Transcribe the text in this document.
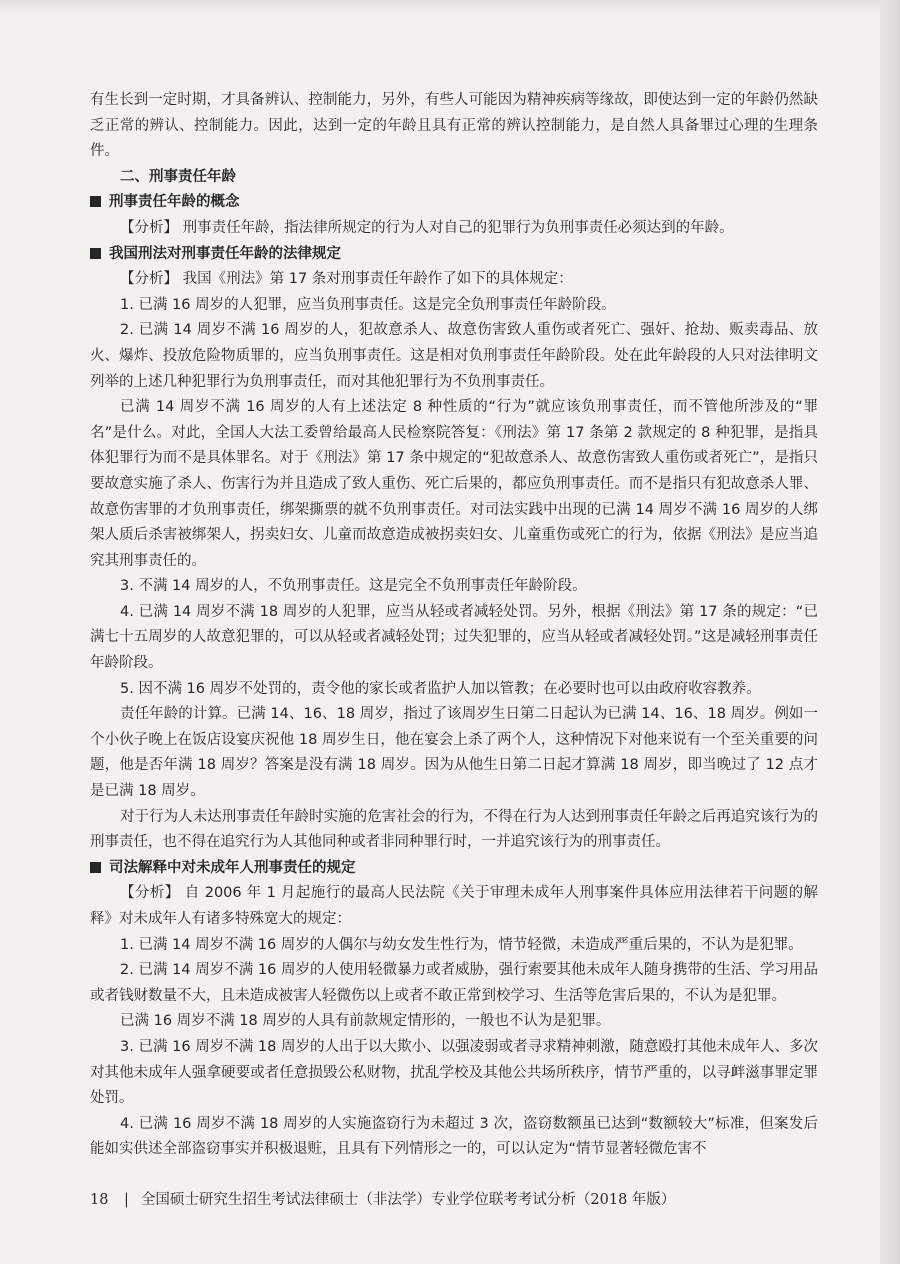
有生长到一定时期，才具备辨认、控制能力，另外，有些人可能因为精神疾病等缘故，即使达到一定的年龄仍然缺乏正常的辨认、控制能力。因此，达到一定的年龄且具有正常的辨认控制能力，是自然人具备罪过心理的生理条件。

二、刑事责任年龄

刑事责任年龄的概念

【分析】 刑事责任年龄，指法律所规定的行为人对自己的犯罪行为负刑事责任必须达到的年龄。

我国刑法对刑事责任年龄的法律规定

【分析】 我国《刑法》第 17 条对刑事责任年龄作了如下的具体规定：

1. 已满 16 周岁的人犯罪，应当负刑事责任。这是完全负刑事责任年龄阶段。

2. 已满 14 周岁不满 16 周岁的人，犯故意杀人、故意伤害致人重伤或者死亡、强奸、抢劫、贩卖毒品、放火、爆炸、投放危险物质罪的，应当负刑事责任。这是相对负刑事责任年龄阶段。处在此年龄段的人只对法律明文列举的上述几种犯罪行为负刑事责任，而对其他犯罪行为不负刑事责任。

已满 14 周岁不满 16 周岁的人有上述法定 8 种性质的“行为”就应该负刑事责任，而不管他所涉及的“罪名”是什么。对此，全国人大法工委曾给最高人民检察院答复：《刑法》第 17 条第 2 款规定的 8 种犯罪，是指具体犯罪行为而不是具体罪名。对于《刑法》第 17 条中规定的“犯故意杀人、故意伤害致人重伤或者死亡”，是指只要故意实施了杀人、伤害行为并且造成了致人重伤、死亡后果的，都应负刑事责任。而不是指只有犯故意杀人罪、故意伤害罪的才负刑事责任，绑架撕票的就不负刑事责任。对司法实践中出现的已满 14 周岁不满 16 周岁的人绑架人质后杀害被绑架人，拐卖妇女、儿童而故意造成被拐卖妇女、儿童重伤或死亡的行为，依据《刑法》是应当追究其刑事责任的。

3. 不满 14 周岁的人，不负刑事责任。这是完全不负刑事责任年龄阶段。

4. 已满 14 周岁不满 18 周岁的人犯罪，应当从轻或者减轻处罚。另外，根据《刑法》第 17 条的规定：“已满七十五周岁的人故意犯罪的，可以从轻或者减轻处罚；过失犯罪的，应当从轻或者减轻处罚。”这是减轻刑事责任年龄阶段。

5. 因不满 16 周岁不处罚的，责令他的家长或者监护人加以管教；在必要时也可以由政府收容教养。

责任年龄的计算。已满 14、16、18 周岁，指过了该周岁生日第二日起认为已满 14、16、18 周岁。例如一个小伙子晚上在饭店设宴庆祝他 18 周岁生日，他在宴会上杀了两个人，这种情况下对他来说有一个至关重要的问题，他是否年满 18 周岁？答案是没有满 18 周岁。因为从他生日第二日起才算满 18 周岁，即当晚过了 12 点才是已满 18 周岁。

对于行为人未达刑事责任年龄时实施的危害社会的行为，不得在行为人达到刑事责任年龄之后再追究该行为的刑事责任，也不得在追究行为人其他同种或者非同种罪行时，一并追究该行为的刑事责任。

司法解释中对未成年人刑事责任的规定

【分析】 自 2006 年 1 月起施行的最高人民法院《关于审理未成年人刑事案件具体应用法律若干问题的解释》对未成年人有诸多特殊宽大的规定：

1. 已满 14 周岁不满 16 周岁的人偶尔与幼女发生性行为，情节轻微，未造成严重后果的，不认为是犯罪。

2. 已满 14 周岁不满 16 周岁的人使用轻微暴力或者威胁，强行索要其他未成年人随身携带的生活、学习用品或者钱财数量不大，且未造成被害人轻微伤以上或者不敢正常到校学习、生活等危害后果的，不认为是犯罪。

已满 16 周岁不满 18 周岁的人具有前款规定情形的，一般也不认为是犯罪。

3. 已满 16 周岁不满 18 周岁的人出于以大欺小、以强凌弱或者寻求精神刺激，随意殴打其他未成年人、多次对其他未成年人强拿硬要或者任意损毁公私财物，扰乱学校及其他公共场所秩序，情节严重的，以寻衅滋事罪定罪处罚。

4. 已满 16 周岁不满 18 周岁的人实施盗窃行为未超过 3 次，盗窃数额虽已达到“数额较大”标准，但案发后能如实供述全部盗窃事实并积极退赃，且具有下列情形之一的，可以认定为“情节显著轻微危害不

18 | 全国硕士研究生招生考试法律硕士（非法学）专业学位联考考试分析（2018 年版）
